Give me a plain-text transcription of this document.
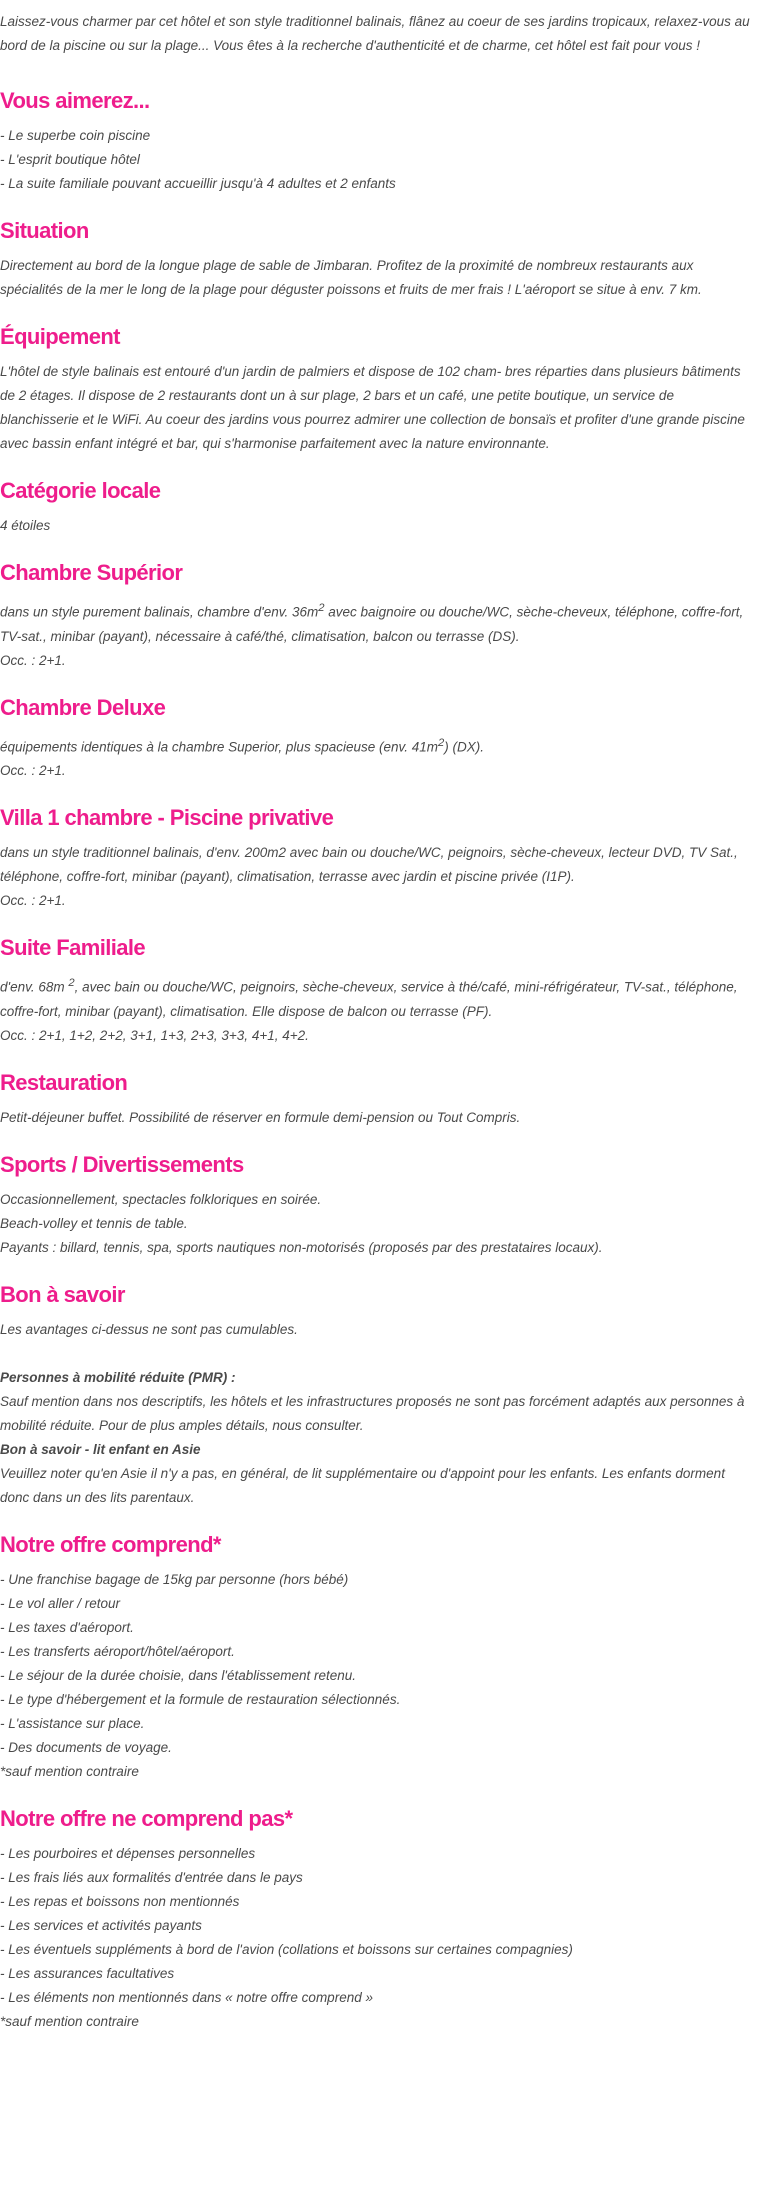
Laissez-vous charmer par cet hôtel et son style traditionnel balinais, flânez au coeur de ses jardins tropicaux, relaxez-vous au bord de la piscine ou sur la plage... Vous êtes à la recherche d'authenticité et de charme, cet hôtel est fait pour vous !

Vous aimerez...
- Le superbe coin piscine
- L'esprit boutique hôtel
- La suite familiale pouvant accueillir jusqu'à 4 adultes et 2 enfants
Situation

Directement au bord de la longue plage de sable de Jimbaran. Profitez de la proximité de nombreux restaurants aux spécialités de la mer le long de la plage pour déguster poissons et fruits de mer frais ! L'aéroport se situe à env. 7 km.

Équipement

L'hôtel de style balinais est entouré d'un jardin de palmiers et dispose de 102 cham- bres réparties dans plusieurs bâtiments de 2 étages. Il dispose de 2 restaurants dont un à sur plage, 2 bars et un café, une petite boutique, un service de blanchisserie et le WiFi. Au coeur des jardins vous pourrez admirer une collection de bonsaïs et profiter d'une grande piscine avec bassin enfant intégré et bar, qui s'harmonise parfaitement avec la nature environnante.

Catégorie locale

4 étoiles

Chambre Supérior

dans un style purement balinais, chambre d'env. $36m^2$ avec baignoire ou douche/WC, sèche-cheveux, téléphone, coffre-fort, TV-sat., minibar (payant), nécessaire à café/thé, climatisation, balcon ou terrasse (DS).

Occ. : 2+1.

Chambre Deluxe

équipements identiques à la chambre Superior, plus spacieuse (env. $41m^2$) (DX).

Occ. : 2+1.

Villa 1 chambre - Piscine privative

dans un style traditionnel balinais, d'env. 200m2 avec bain ou douche/WC, peignoirs, sèche-cheveux, lecteur DVD, TV Sat., téléphone, coffre-fort, minibar (payant), climatisation, terrasse avec jardin et piscine privée (I1P).

Occ. : 2+1.

Suite Familiale

d'env. 68m $^2$, avec bain ou douche/WC, peignoirs, sèche-cheveux, service à thé/café, mini-réfrigérateur, TV-sat., téléphone, coffre-fort, minibar (payant), climatisation. Elle dispose de balcon ou terrasse (PF).

Occ. : 2+1, 1+2, 2+2, 3+1, 1+3, 2+3, 3+3, 4+1, 4+2.

Restauration

Petit-déjeuner buffet. Possibilité de réserver en formule demi-pension ou Tout Compris.

Sports / Divertissements

Occasionnellement, spectacles folkloriques en soirée.

Beach-volley et tennis de table.

Payants : billard, tennis, spa, sports nautiques non-motorisés (proposés par des prestataires locaux).

Bon à savoir

Les avantages ci-dessus ne sont pas cumulables.

Personnes à mobilité réduite (PMR) :

Sauf mention dans nos descriptifs, les hôtels et les infrastructures proposés ne sont pas forcément adaptés aux personnes à mobilité réduite. Pour de plus amples détails, nous consulter.

Bon à savoir - lit enfant en Asie

Veuillez noter qu'en Asie il n'y a pas, en général, de lit supplémentaire ou d'appoint pour les enfants. Les enfants dorment donc dans un des lits parentaux.

Notre offre comprend*
- Une franchise bagage de 15kg par personne (hors bébé)
- Le vol aller / retour
- Les taxes d'aéroport.
- Les transferts aéroport/hôtel/aéroport.
- Le séjour de la durée choisie, dans l'établissement retenu.
- Le type d'hébergement et la formule de restauration sélectionnés.
- L'assistance sur place.
- Des documents de voyage.

*sauf mention contraire

Notre offre ne comprend pas*
- Les pourboires et dépenses personnelles
- Les frais liés aux formalités d'entrée dans le pays
- Les repas et boissons non mentionnés
- Les services et activités payants
- Les éventuels suppléments à bord de l'avion (collations et boissons sur certaines compagnies)
- Les assurances facultatives
- Les éléments non mentionnés dans « notre offre comprend »

*sauf mention contraire
